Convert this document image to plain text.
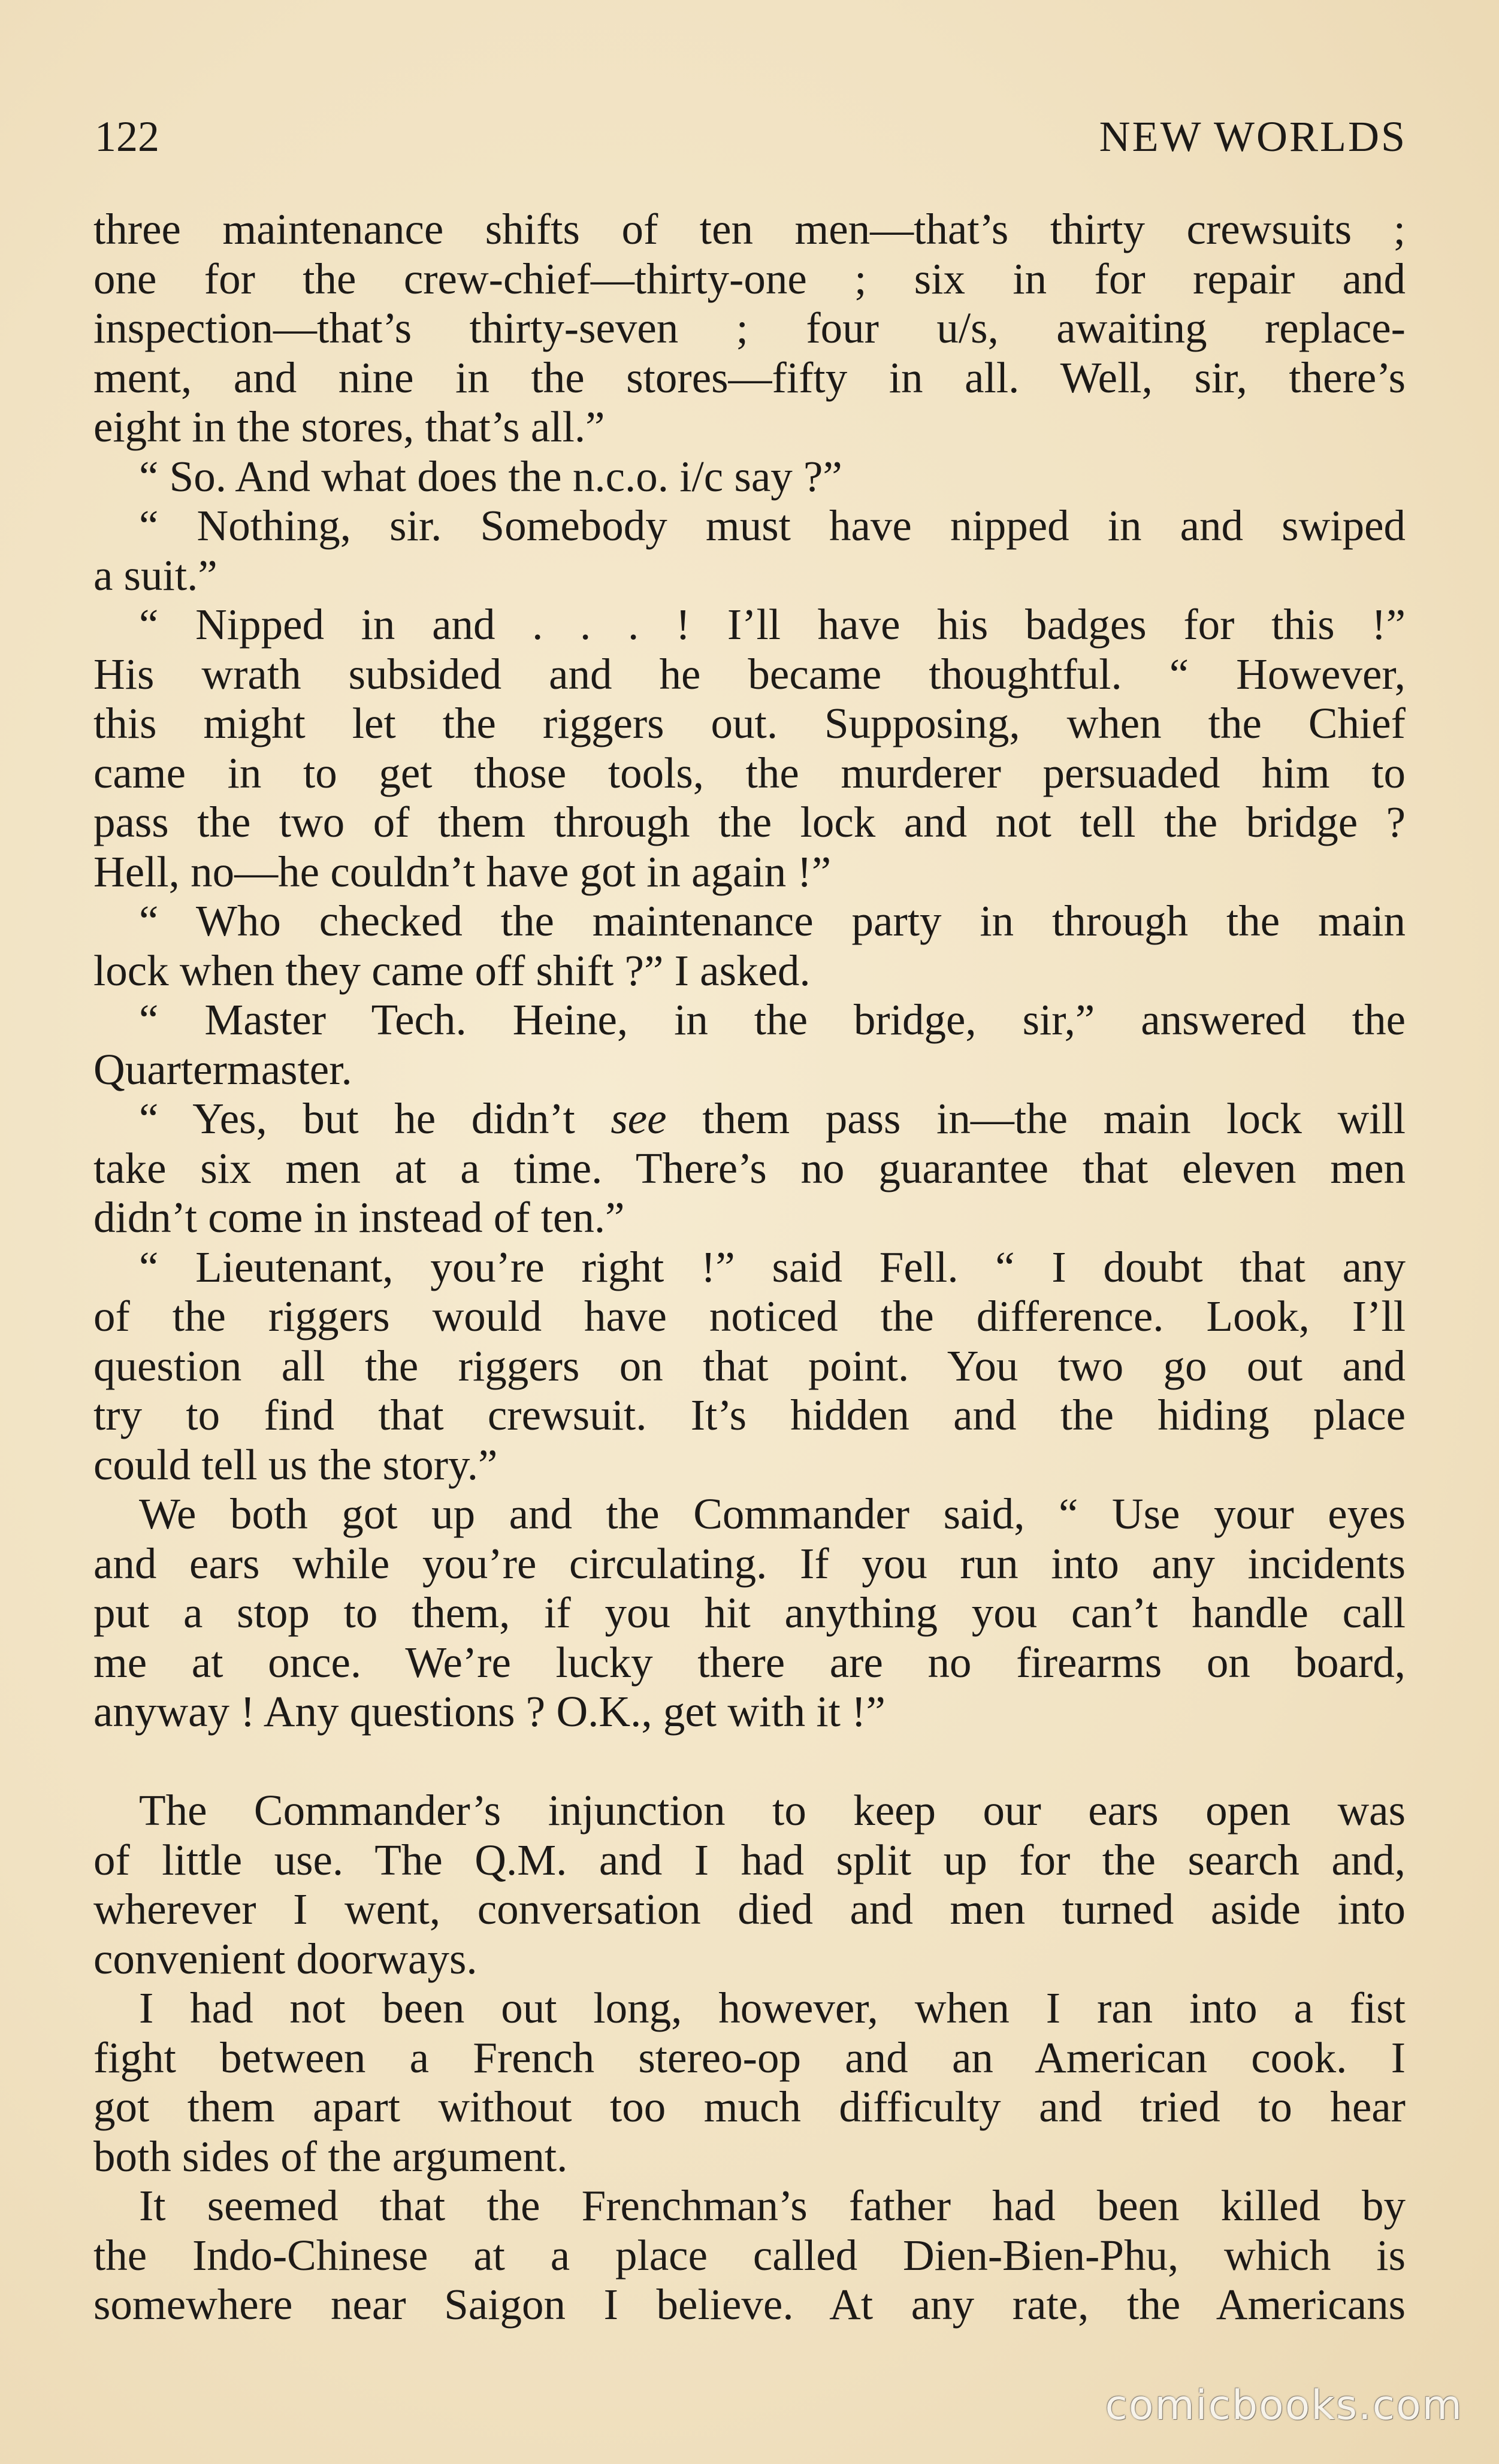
122	NEW WORLDS
three maintenance shifts of ten men—that’s thirty crewsuits ;
one for the crew-chief—thirty-one ; six in for repair and
inspection—that’s thirty-seven ; four u/s, awaiting replace-
ment, and nine in the stores—fifty in all. Well, sir, there’s
eight in the stores, that’s all.”
“ So. And what does the n.c.o. i/c say ?”
“ Nothing, sir. Somebody must have nipped in and swiped
a suit.”
“ Nipped in and . . . ! I’ll have his badges for this !”
His wrath subsided and he became thoughtful. “ However,
this might let the riggers out. Supposing, when the Chief
came in to get those tools, the murderer persuaded him to
pass the two of them through the lock and not tell the bridge ?
Hell, no—he couldn’t have got in again !”
“ Who checked the maintenance party in through the main
lock when they came off shift ?” I asked.
“ Master Tech. Heine, in the bridge, sir,” answered the
Quartermaster.
“ Yes, but he didn’t see them pass in—the main lock will
take six men at a time. There’s no guarantee that eleven men
didn’t come in instead of ten.”
“ Lieutenant, you’re right !” said Fell. “ I doubt that any
of the riggers would have noticed the difference. Look, I’ll
question all the riggers on that point. You two go out and
try to find that crewsuit. It’s hidden and the hiding place
could tell us the story.”
We both got up and the Commander said, “ Use your eyes
and ears while you’re circulating. If you run into any incidents
put a stop to them, if you hit anything you can’t handle call
me at once. We’re lucky there are no firearms on board,
anyway ! Any questions ? O.K., get with it !”
The Commander’s injunction to keep our ears open was
of little use. The Q.M. and I had split up for the search and,
wherever I went, conversation died and men turned aside into
convenient doorways.
I had not been out long, however, when I ran into a fist
fight between a French stereo-op and an American cook. I
got them apart without too much difficulty and tried to hear
both sides of the argument.
It seemed that the Frenchman’s father had been killed by
the Indo-Chinese at a place called Dien-Bien-Phu, which is
somewhere near Saigon I believe. At any rate, the Americans
comicbooks.com
